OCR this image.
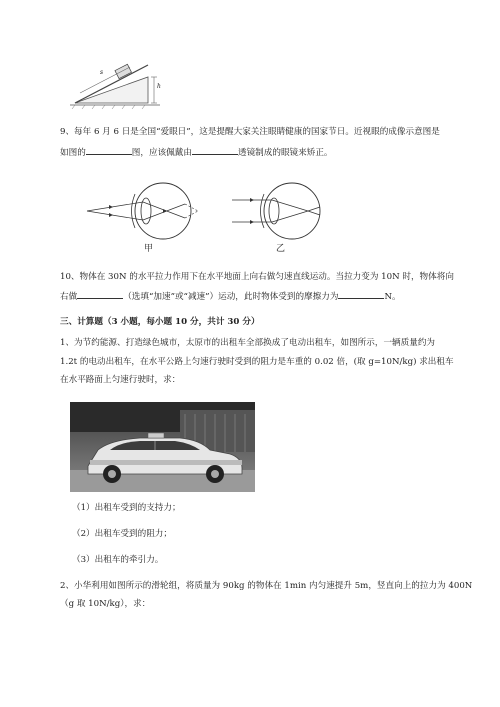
s
h
9、每年 6 月 6 日是全国“爱眼日”，这是提醒大家关注眼睛健康的国家节日。近视眼的成像示意图是
如图的	图，应该佩戴由	透镜制成的眼镜来矫正。
甲	乙
10、物体在 30N 的水平拉力作用下在水平地面上向右做匀速直线运动。当拉力变为 10N 时，物体将向
右做	（选填“加速”或“减速”）运动，此时物体受到的摩擦力为	N。
三、计算题（3 小题，每小题 10 分，共计 30 分）
1、为节约能源、打造绿色城市，太原市的出租车全部换成了电动出租车，如图所示，一辆质量约为
1.2t 的电动出租车，在水平公路上匀速行驶时受到的阻力是车重的 0.02 倍，(取 g=10N/kg) 求出租车
在水平路面上匀速行驶时，求：
（1）出租车受到的支持力；
（2）出租车受到的阻力；
（3）出租车的牵引力。
2、小华利用如图所示的滑轮组，将质量为 90kg 的物体在 1min 内匀速提升 5m，竖直向上的拉力为 400N
（g 取 10N/kg），求：
